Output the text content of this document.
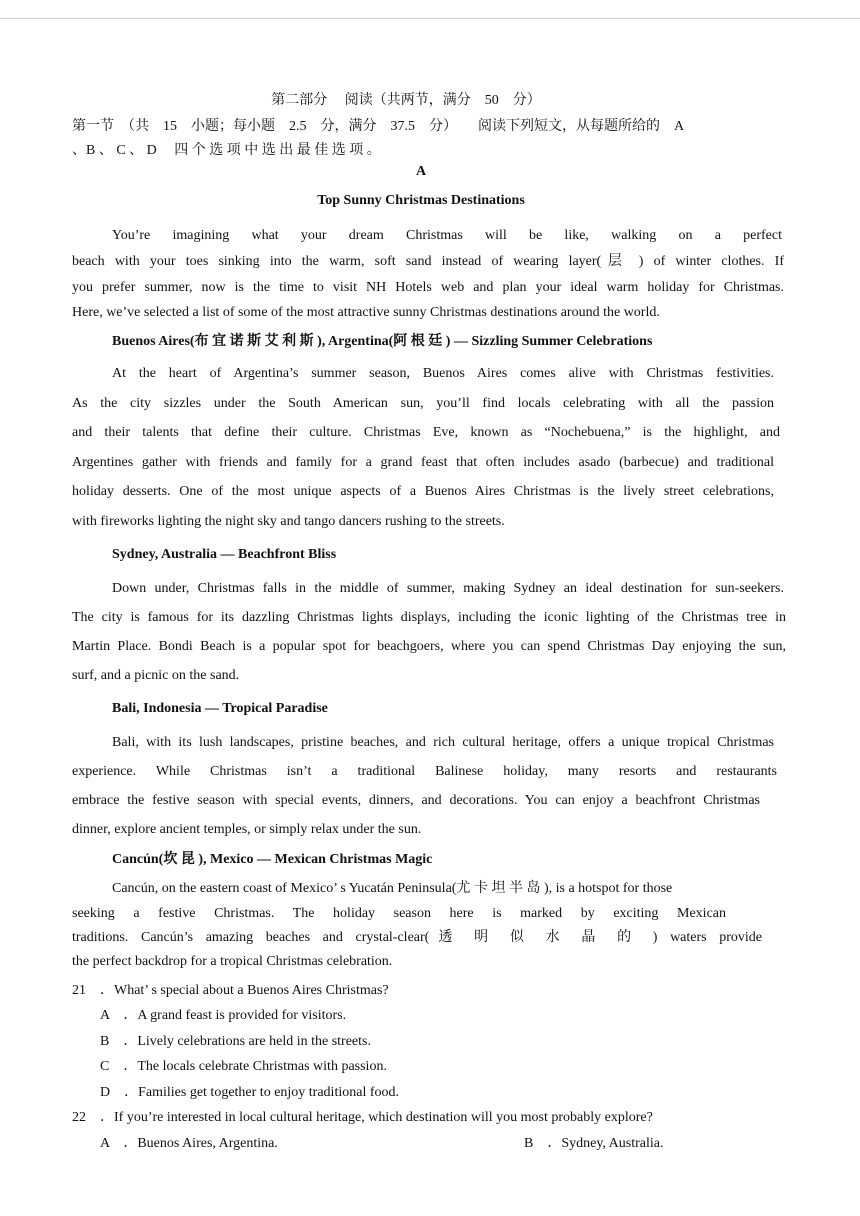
第二部分　 阅读（共两节，满分　50　分）
第一节　（共　15　小题；每小题　2.5　分，满分　37.5　分）　　阅读下列短文，从每题所给的　A
、B 、 C 、 D　 四 个 选 项 中 选 出 最 佳 选 项 。
A
Top Sunny Christmas Destinations
You’re imagining what your dream Christmas will be like, walking on a perfect
beach with your toes sinking into the warm, soft sand instead of wearing layer(层 ) of winter clothes. If
you prefer summer, now is the time to visit NH Hotels web and plan your ideal warm holiday for Christmas.
Here, we’ve selected a list of some of the most attractive sunny Christmas destinations around the world.
Buenos Aires(布 宜 诺 斯 艾 利 斯 ), Argentina(阿 根 廷 ) — Sizzling Summer Celebrations
At the heart of Argentina’s summer season, Buenos Aires comes alive with Christmas festivities.
As the city sizzles under the South American sun, you’ll find locals celebrating with all the passion
and their talents that define their culture. Christmas Eve, known as “Nochebuena,” is the highlight, and
Argentines gather with friends and family for a grand feast that often includes asado (barbecue) and traditional
holiday desserts. One of the most unique aspects of a Buenos Aires Christmas is the lively street celebrations,
with fireworks lighting the night sky and tango dancers rushing to the streets.
Sydney, Australia — Beachfront Bliss
Down under, Christmas falls in the middle of summer, making Sydney an ideal destination for sun-seekers.
The city is famous for its dazzling Christmas lights displays, including the iconic lighting of the Christmas tree in
Martin Place. Bondi Beach is a popular spot for beachgoers, where you can spend Christmas Day enjoying the sun,
surf, and a picnic on the sand.
Bali, Indonesia — Tropical Paradise
Bali, with its lush landscapes, pristine beaches, and rich cultural heritage, offers a unique tropical Christmas
experience. While Christmas isn’t a traditional Balinese holiday, many resorts and restaurants
embrace the festive season with special events, dinners, and decorations. You can enjoy a beachfront Christmas
dinner, explore ancient temples, or simply relax under the sun.
Cancún(坎 昆 ), Mexico — Mexican Christmas Magic
Cancún, on the eastern coast of Mexico’ s Yucatán Peninsula(尤 卡 坦 半 岛 ), is a hotspot for those
seeking a festive Christmas. The holiday season here is marked by exciting Mexican
traditions. Cancún’s amazing beaches and crystal-clear(透 明 似 水 晶 的 ) waters provide
the perfect backdrop for a tropical Christmas celebration.
21　．What’ s special about a Buenos Aires Christmas?
A　．A grand feast is provided for visitors.
B　．Lively celebrations are held in the streets.
C　．The locals celebrate Christmas with passion.
D　．Families get together to enjoy traditional food.
22　．If you’re interested in local cultural heritage, which destination will you most probably explore?
A　．Buenos Aires, Argentina.	B　．Sydney, Australia.
